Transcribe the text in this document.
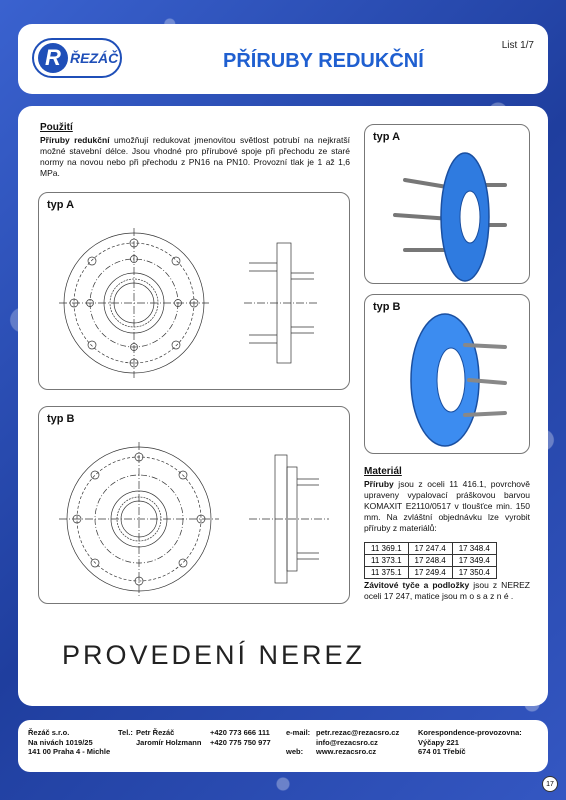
R ŘEZÁČ	PŘÍRUBY REDUKČNÍ
List 1/7
Použití
Příruby redukční umožňují redukovat jmenovitou světlost potrubí na nejkratší možné stavební délce. Jsou vhodné pro přírubové spoje při přechodu ze staré normy na novou nebo při přechodu z PN16 na PN10. Provozní tlak je 1 až 1,6 MPa.
typ A
typ B
typ A
typ B
Materiál
Příruby jsou z oceli 11 416.1, povrchově upraveny vypalovací práškovou barvou KOMAXIT E2110/0517 v tloušťce min. 150 mm. Na zvláštní objednávku lze vyrobit příruby z materiálů:
11 369.1	17 247.4	17 348.4
11 373.1	17 248.4	17 349.4
11 375.1	17 249.4	17 350.4
Závitové tyče a podložky jsou z NEREZ oceli 17 247, matice jsou m o s a z n é .
PROVEDENÍ NEREZ
Řezáč s.r.o.
Na nivách 1019/25
141 00 Praha 4 - Michle
Tel.: Petr Řezáč
Jaromír Holzmann
+420 773 666 111
+420 775 750 977
e-mail:

web:
petr.rezac@rezacsro.cz
info@rezacsro.cz
www.rezacsro.cz
Korespondence-provozovna:
Výčapy 221
674 01 Třebíč
17
